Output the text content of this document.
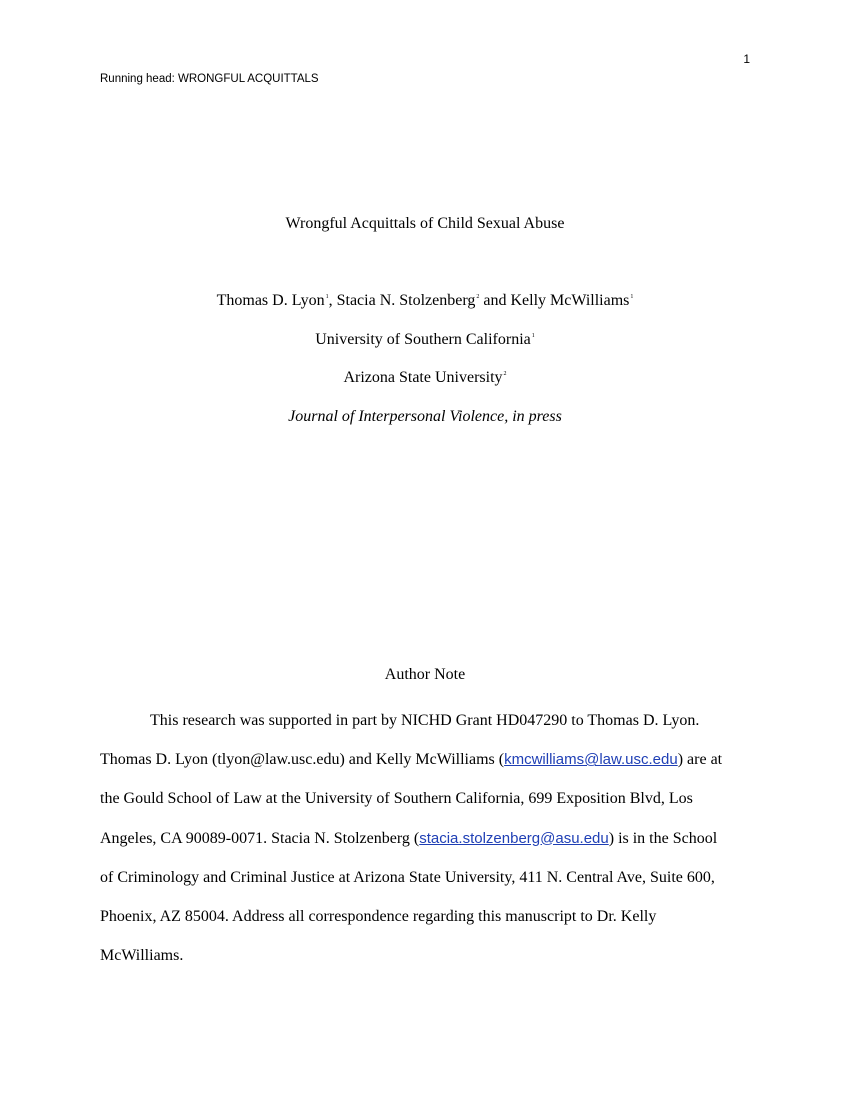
1
Running head: WRONGFUL ACQUITTALS
Wrongful Acquittals of Child Sexual Abuse
Thomas D. Lyon$^1$, Stacia N. Stolzenberg$^2$ and Kelly McWilliams$^1$
University of Southern California$^1$
Arizona State University$^2$
Journal of Interpersonal Violence, in press
Author Note
This research was supported in part by NICHD Grant HD047290 to Thomas D. Lyon.
Thomas D. Lyon (tlyon@law.usc.edu) and Kelly McWilliams (kmcwilliams@law.usc.edu) are at
the Gould School of Law at the University of Southern California, 699 Exposition Blvd, Los
Angeles, CA 90089-0071. Stacia N. Stolzenberg (stacia.stolzenberg@asu.edu) is in the School
of Criminology and Criminal Justice at Arizona State University, 411 N. Central Ave, Suite 600,
Phoenix, AZ 85004. Address all correspondence regarding this manuscript to Dr. Kelly
McWilliams.
